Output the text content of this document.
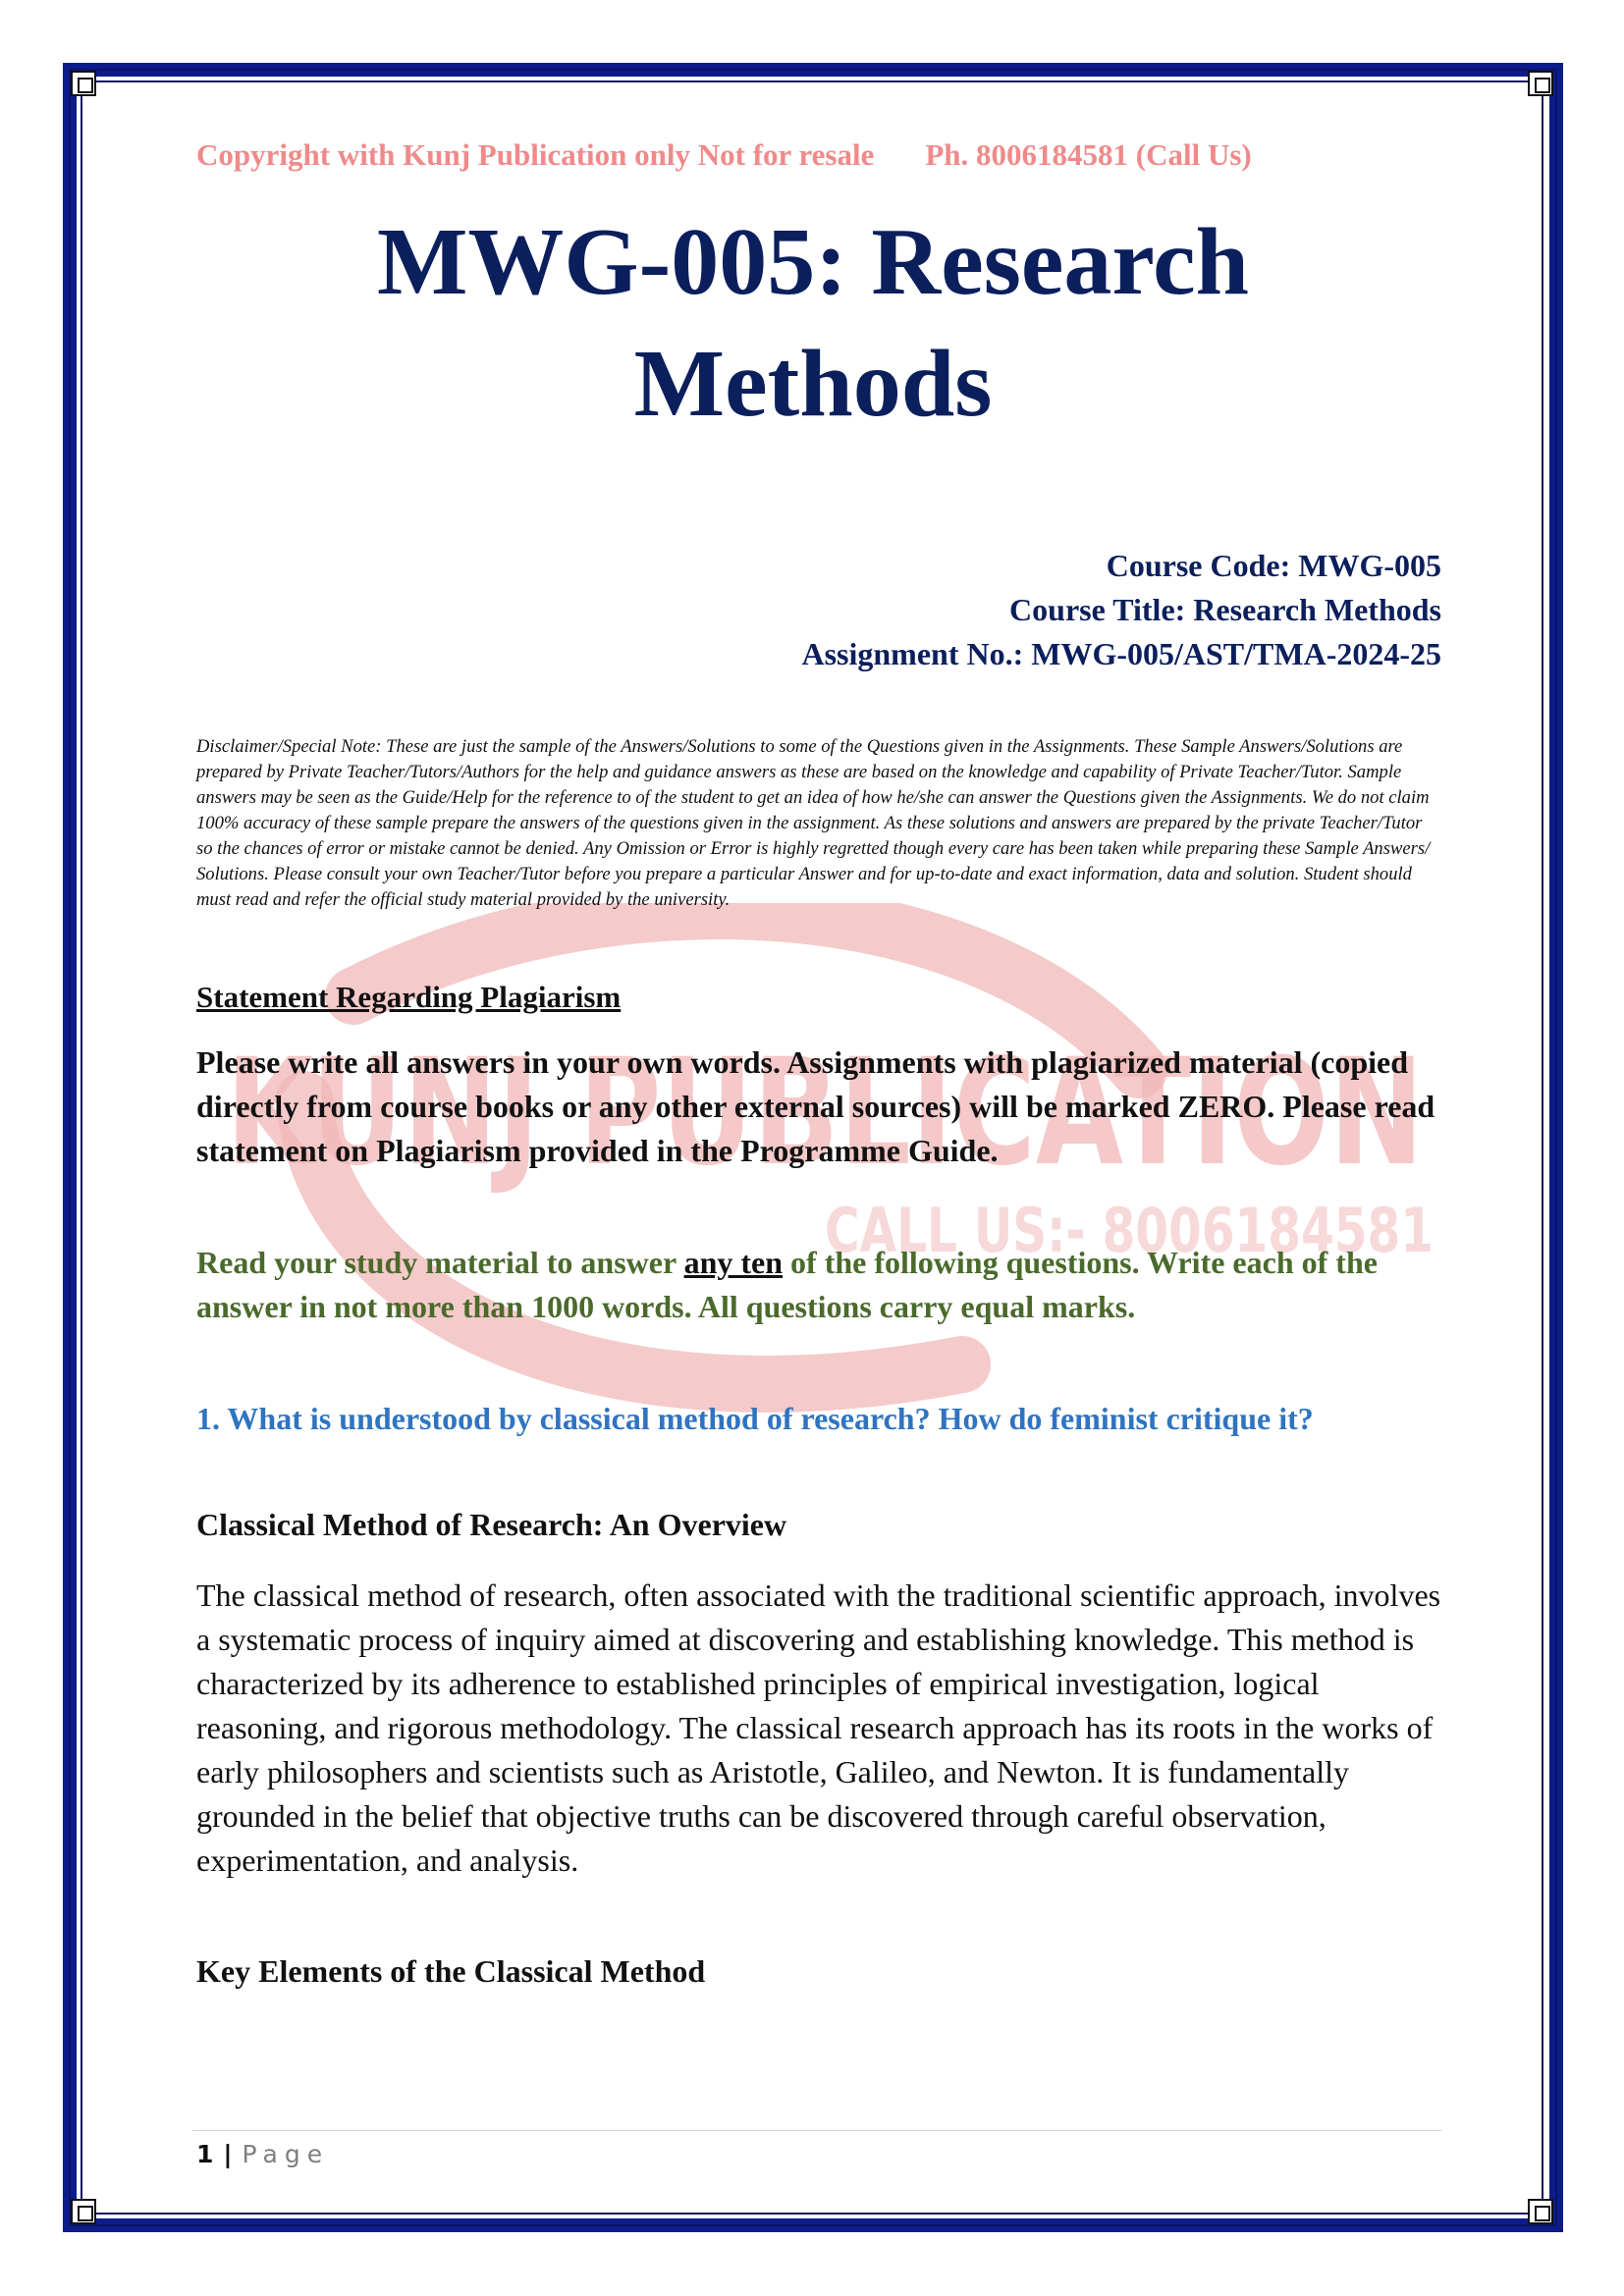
KUNJ PUBLICATION
CALL US:- 8006184581
Copyright with Kunj Publication only Not for resale Ph. 8006184581 (Call Us)
MWG-005: Research
Methods
Course Code: MWG-005
Course Title: Research Methods
Assignment No.: MWG-005/AST/TMA-2024-25
Disclaimer/Special Note: These are just the sample of the Answers/Solutions to some of the Questions given in the Assignments. These Sample Answers/Solutions are prepared by Private Teacher/Tutors/Authors for the help and guidance answers as these are based on the knowledge and capability of Private Teacher/Tutor. Sample answers may be seen as the Guide/Help for the reference to of the student to get an idea of how he/she can answer the Questions given the Assignments. We do not claim 100% accuracy of these sample prepare the answers of the questions given in the assignment. As these solutions and answers are prepared by the private Teacher/Tutor so the chances of error or mistake cannot be denied. Any Omission or Error is highly regretted though every care has been taken while preparing these Sample Answers/ Solutions. Please consult your own Teacher/Tutor before you prepare a particular Answer and for up-to-date and exact information, data and solution. Student should must read and refer the official study material provided by the university.
Statement Regarding Plagiarism
Please write all answers in your own words. Assignments with plagiarized material (copied directly from course books or any other external sources) will be marked ZERO. Please read statement on Plagiarism provided in the Programme Guide.
Read your study material to answer any ten of the following questions. Write each of the answer in not more than 1000 words. All questions carry equal marks.
1. What is understood by classical method of research? How do feminist critique it?
Classical Method of Research: An Overview
The classical method of research, often associated with the traditional scientific approach, involves a systematic process of inquiry aimed at discovering and establishing knowledge. This method is characterized by its adherence to established principles of empirical investigation, logical reasoning, and rigorous methodology. The classical research approach has its roots in the works of early philosophers and scientists such as Aristotle, Galileo, and Newton. It is fundamentally grounded in the belief that objective truths can be discovered through careful observation, experimentation, and analysis.
Key Elements of the Classical Method
1 | Page
